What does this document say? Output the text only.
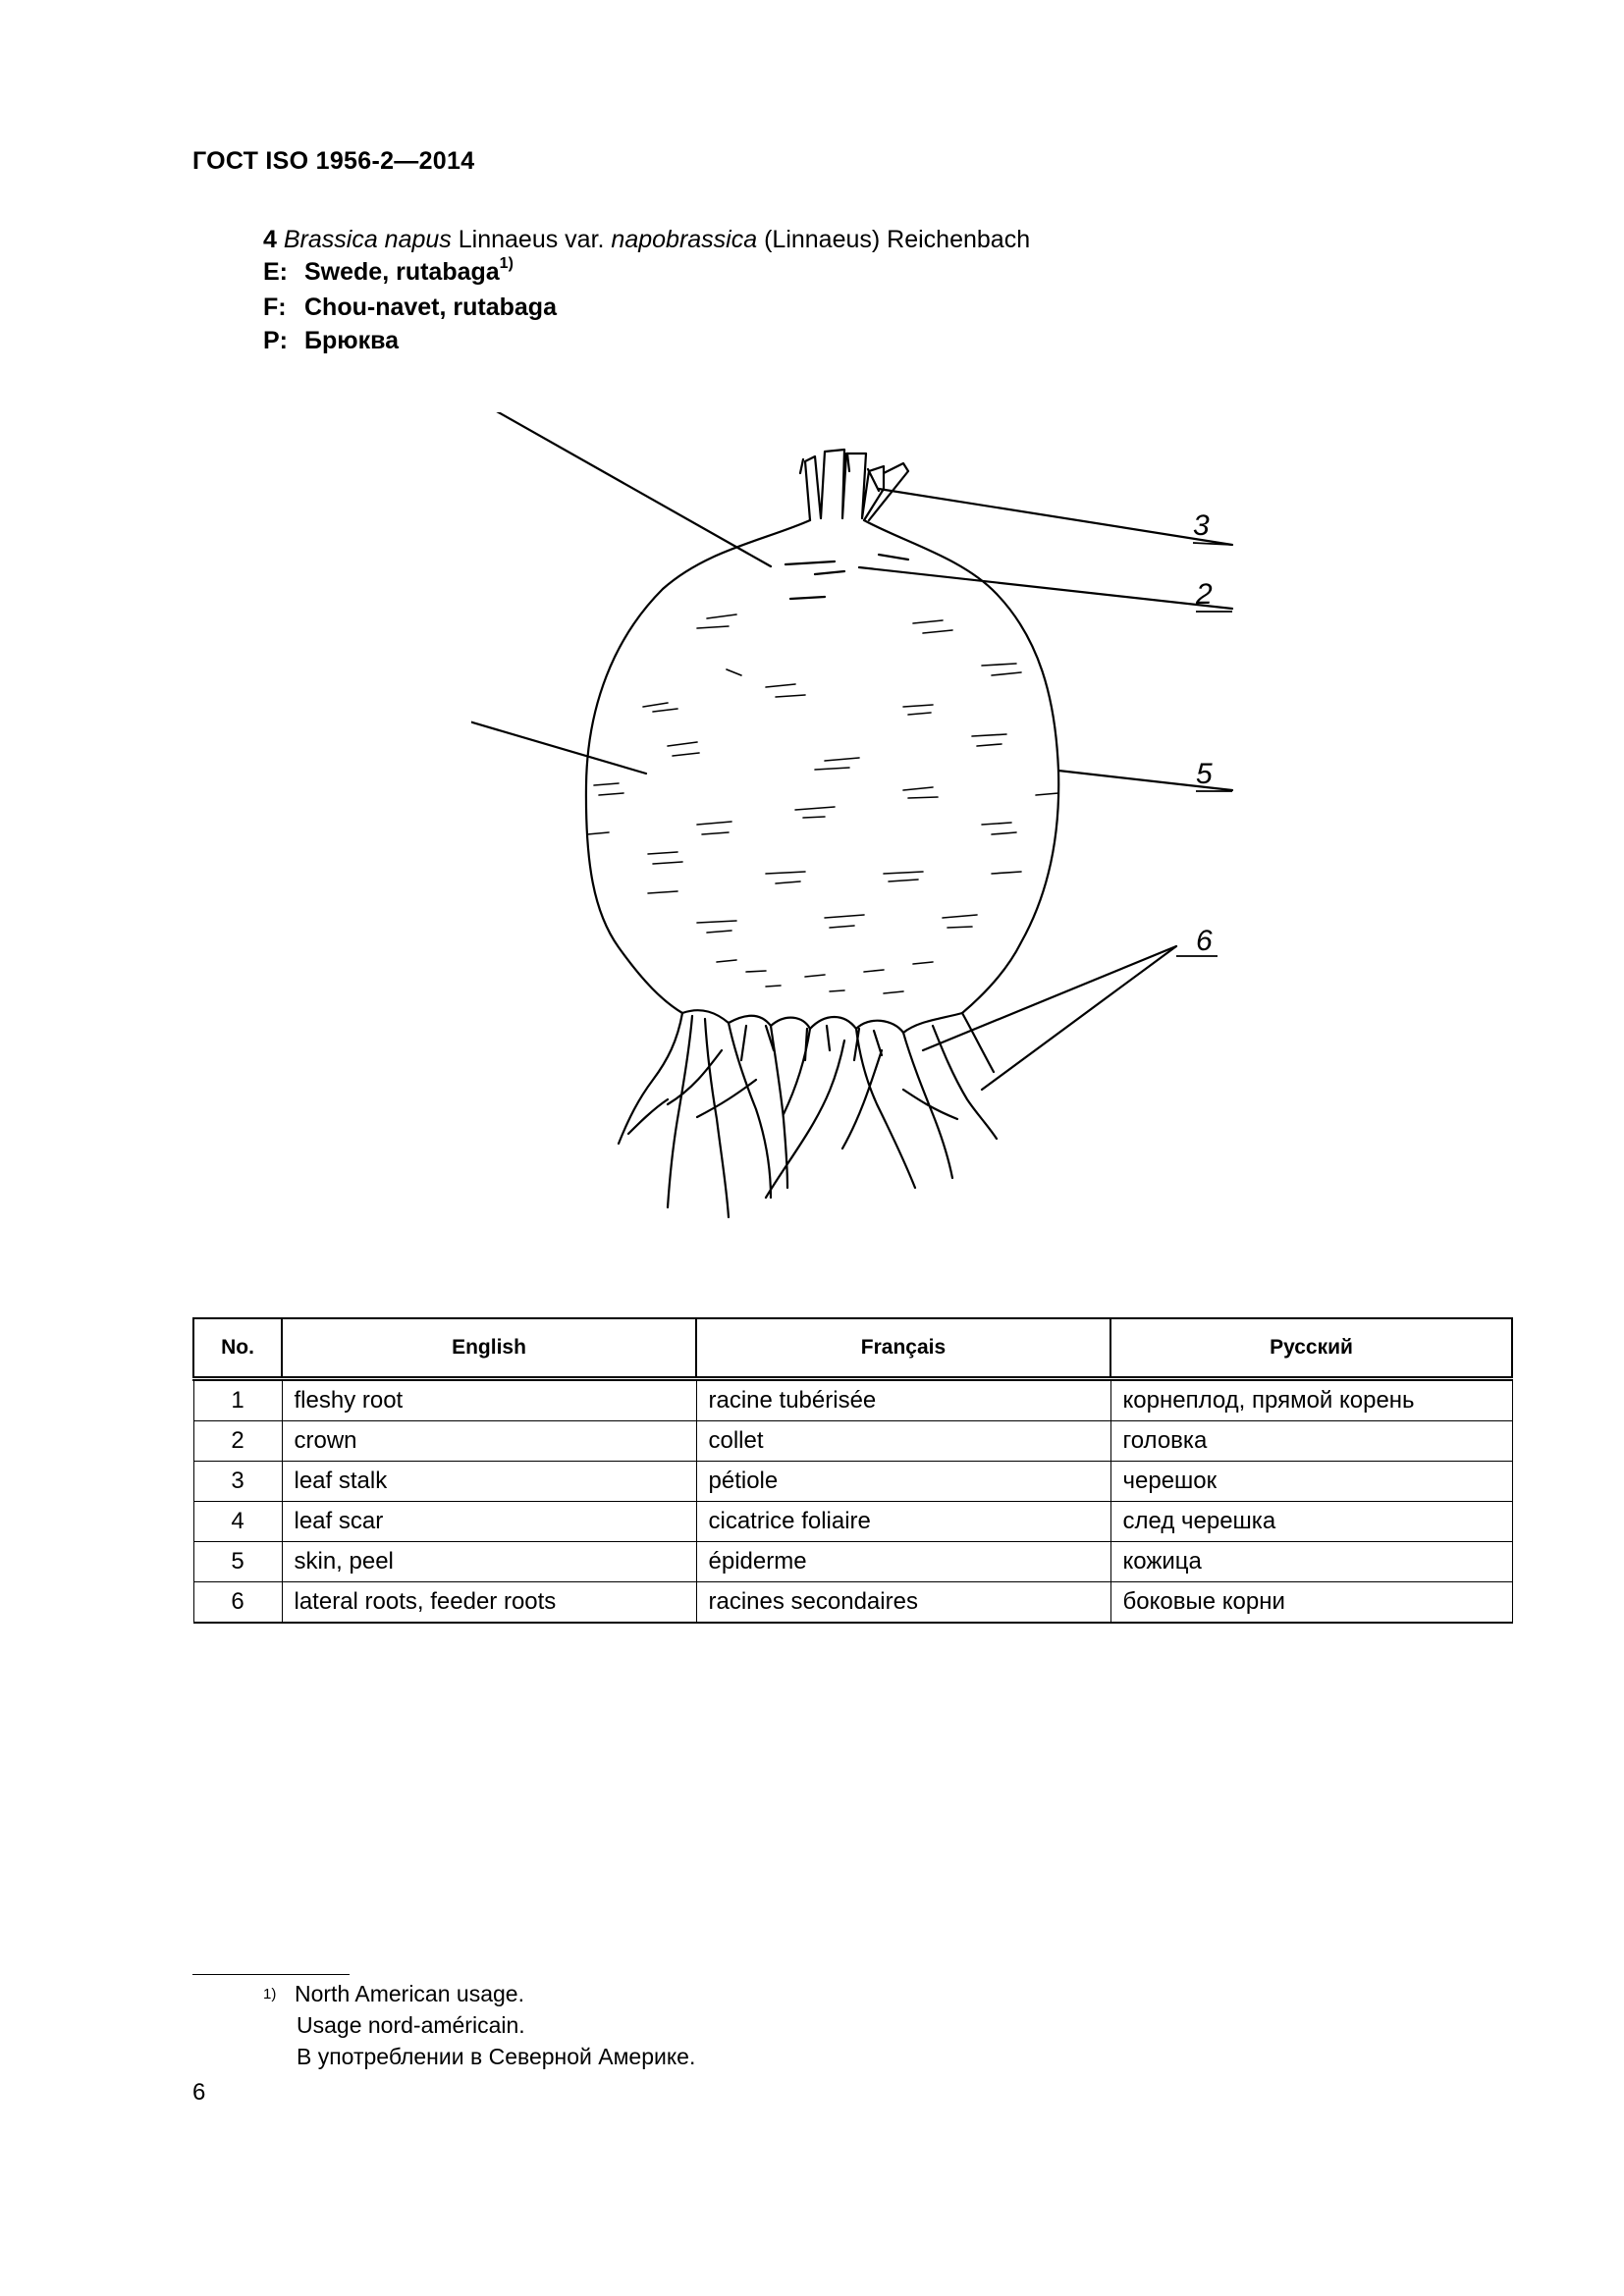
ГОСТ ISO 1956-2—2014
4 Brassica napus Linnaeus var. napobrassica (Linnaeus) Reichenbach
E: Swede, rutabaga$^{1)}$
F: Chou-navet, rutabaga
P: Брюква
3
2
5
6
No.	English	Français	Русский
1	fleshy root	racine tubérisée	корнеплод, прямой корень
2	crown	collet	головка
3	leaf stalk	pétiole	черешок
4	leaf scar	cicatrice foliaire	след черешка
5	skin, peel	épiderme	кожица
6	lateral roots, feeder roots	racines secondaires	боковые корни
1) North American usage.
Usage nord-américain.
В употреблении в Северной Америке.
6
